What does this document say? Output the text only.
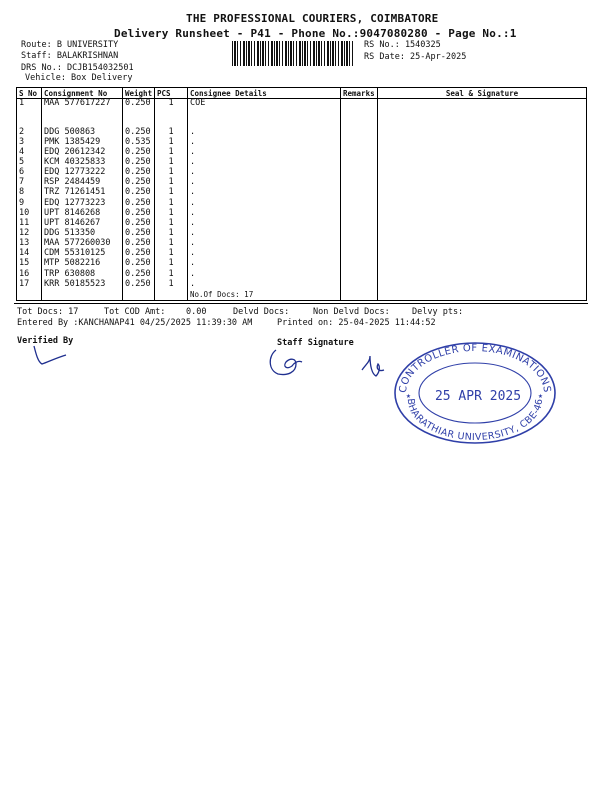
THE PROFESSIONAL COURIERS, COIMBATORE
Delivery Runsheet - P41 - Phone No.:9047080280 - Page No.:1
Route: B UNIVERSITY
Staff: BALAKRISHNAN
DRS No.: DCJB154032501
Vehicle: Box Delivery
RS No.: 1540325
RS Date: 25-Apr-2025
S No	Consignment No	Weight	PCS	Consignee Details	Remarks	Seal & Signature
1	MAA 577617227	0.250	1	COE		
2	DDG 500863	0.250	1	.		
3	PMK 1385429	0.535	1	.		
4	EDQ 20612342	0.250	1	.		
5	KCM 40325833	0.250	1	.		
6	EDQ 12773222	0.250	1	.		
7	RSP 2484459	0.250	1	.		
8	TRZ 71261451	0.250	1	.		
9	EDQ 12773223	0.250	1	.		
10	UPT 8146268	0.250	1	.		
11	UPT 8146267	0.250	1	.		
12	DDG 513350	0.250	1	.		
13	MAA 577260030	0.250	1	.		
14	CDM 55310125	0.250	1	.		
15	MTP 5082216	0.250	1	.		
16	TRP 630808	0.250	1	.		
17	KRR 50185523	0.250	1	.		
				No.Of Docs: 17		
Tot Docs: 17	Tot COD Amt: 0.00	Delvd Docs:	Non Delvd Docs:	Delvy pts:
Entered By :KANCHANAP41 04/25/2025 11:39:30 AM	Printed on: 25-04-2025 11:44:52
Verified By	Staff Signature
CONTROLLER OF EXAMINATIONS
BHARATHIAR UNIVERSITY, CBE-46
25 APR 2025
★	★
